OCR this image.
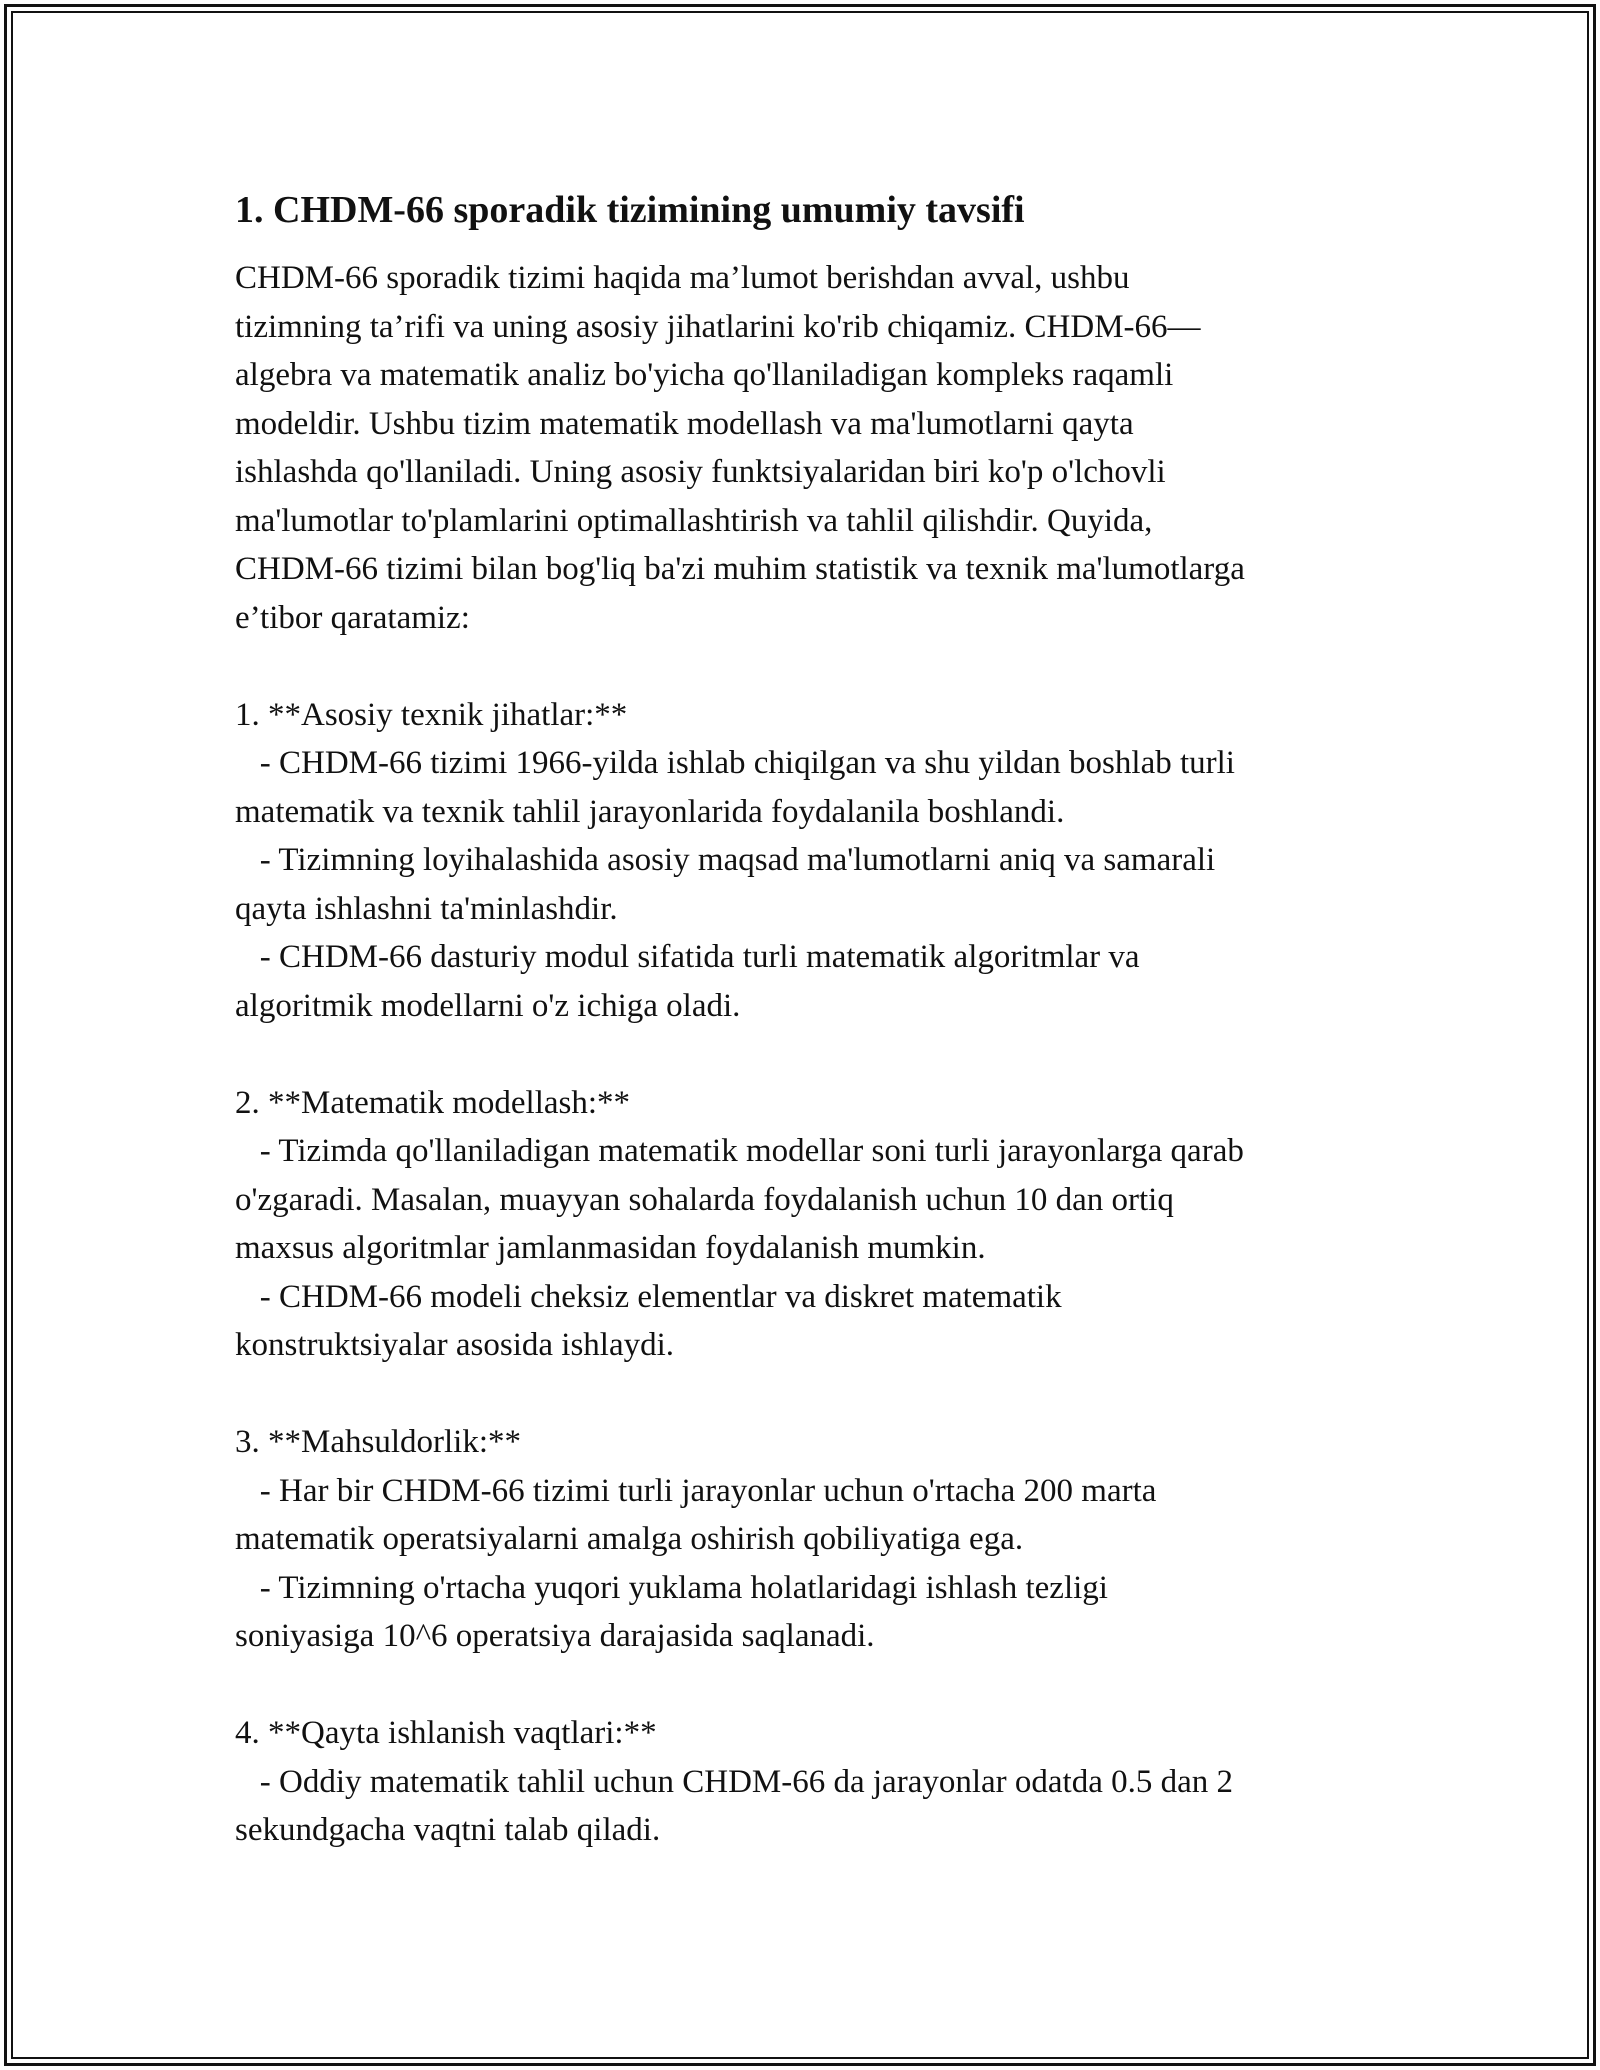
1. CHDM-66 sporadik tizimining umumiy tavsifi
CHDM-66 sporadik tizimi haqida ma’lumot berishdan avval, ushbu
tizimning ta’rifi va uning asosiy jihatlarini ko'rib chiqamiz. CHDM-66—
algebra va matematik analiz bo'yicha qo'llaniladigan kompleks raqamli
modeldir. Ushbu tizim matematik modellash va ma'lumotlarni qayta
ishlashda qo'llaniladi. Uning asosiy funktsiyalaridan biri ko'p o'lchovli
ma'lumotlar to'plamlarini optimallashtirish va tahlil qilishdir. Quyida,
CHDM-66 tizimi bilan bog'liq ba'zi muhim statistik va texnik ma'lumotlarga
e’tibor qaratamiz:
1. **Asosiy texnik jihatlar:**
- CHDM-66 tizimi 1966-yilda ishlab chiqilgan va shu yildan boshlab turli
matematik va texnik tahlil jarayonlarida foydalanila boshlandi.
- Tizimning loyihalashida asosiy maqsad ma'lumotlarni aniq va samarali
qayta ishlashni ta'minlashdir.
- CHDM-66 dasturiy modul sifatida turli matematik algoritmlar va
algoritmik modellarni o'z ichiga oladi.
2. **Matematik modellash:**
- Tizimda qo'llaniladigan matematik modellar soni turli jarayonlarga qarab
o'zgaradi. Masalan, muayyan sohalarda foydalanish uchun 10 dan ortiq
maxsus algoritmlar jamlanmasidan foydalanish mumkin.
- CHDM-66 modeli cheksiz elementlar va diskret matematik
konstruktsiyalar asosida ishlaydi.
3. **Mahsuldorlik:**
- Har bir CHDM-66 tizimi turli jarayonlar uchun o'rtacha 200 marta
matematik operatsiyalarni amalga oshirish qobiliyatiga ega.
- Tizimning o'rtacha yuqori yuklama holatlaridagi ishlash tezligi
soniyasiga 10^6 operatsiya darajasida saqlanadi.
4. **Qayta ishlanish vaqtlari:**
- Oddiy matematik tahlil uchun CHDM-66 da jarayonlar odatda 0.5 dan 2
sekundgacha vaqtni talab qiladi.
